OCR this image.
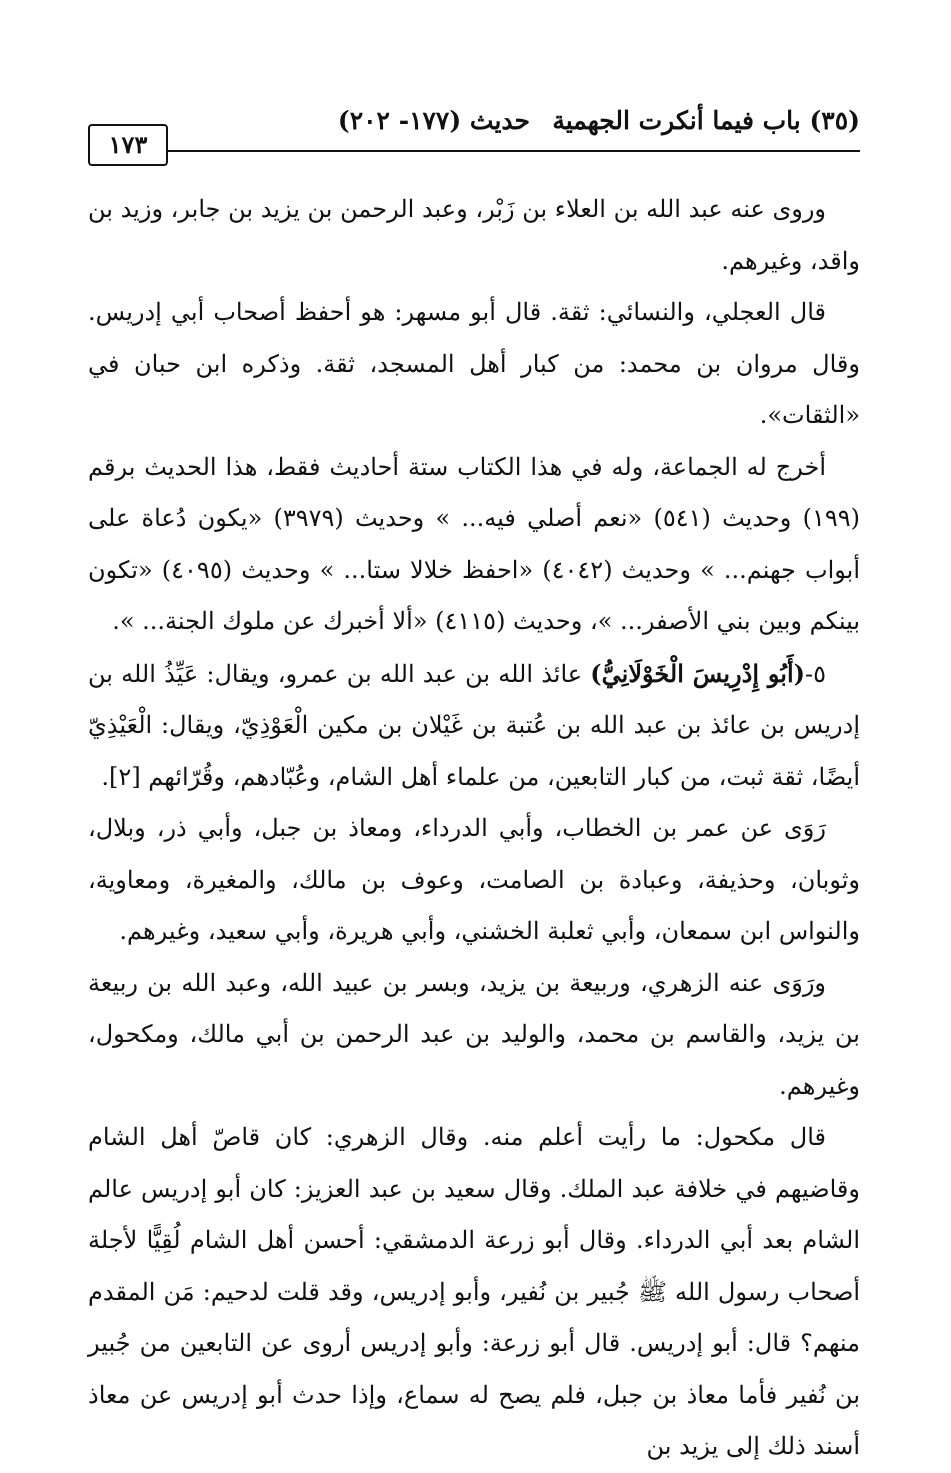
(٣٥) باب فيما أنكرت الجهمية
حديث (١٧٧- ٢٠٢)
١٧٣

وروى عنه عبد الله بن العلاء بن زَبْر، وعبد الرحمن بن يزيد بن جابر، وزيد بن واقد، وغيرهم.

قال العجلي، والنسائي: ثقة. قال أبو مسهر: هو أحفظ أصحاب أبي إدريس. وقال مروان بن محمد: من كبار أهل المسجد، ثقة. وذكره ابن حبان في «الثقات».

أخرج له الجماعة، وله في هذا الكتاب ستة أحاديث فقط، هذا الحديث برقم (١٩٩) وحديث (٥٤١) «نعم أصلي فيه... » وحديث (٣٩٧٩) «يكون دُعاة على أبواب جهنم... » وحديث (٤٠٤٢) «احفظ خلالا ستا... » وحديث (٤٠٩٥) «تكون بينكم وبين بني الأصفر... »، وحديث (٤١١٥) «ألا أخبرك عن ملوك الجنة... ».

٥-(أَبُو إِدْرِيسَ الْخَوْلَانِيُّ) عائذ الله بن عبد الله بن عمرو، ويقال: عَيِّذُ الله بن إدريس بن عائذ بن عبد الله بن عُتبة بن غَيْلان بن مكين الْعَوْذِيّ، ويقال: الْعَيْذِيّ أيضًا، ثقة ثبت، من كبار التابعين، من علماء أهل الشام، وعُبّادهم، وقُرّائهم [٢].

رَوَى عن عمر بن الخطاب، وأبي الدرداء، ومعاذ بن جبل، وأبي ذر، وبلال، وثوبان، وحذيفة، وعبادة بن الصامت، وعوف بن مالك، والمغيرة، ومعاوية، والنواس ابن سمعان، وأبي ثعلبة الخشني، وأبي هريرة، وأبي سعيد، وغيرهم.

ورَوَى عنه الزهري، وربيعة بن يزيد، وبسر بن عبيد الله، وعبد الله بن ربيعة بن يزيد، والقاسم بن محمد، والوليد بن عبد الرحمن بن أبي مالك، ومكحول، وغيرهم.

قال مكحول: ما رأيت أعلم منه. وقال الزهري: كان قاصّ أهل الشام وقاضيهم في خلافة عبد الملك. وقال سعيد بن عبد العزيز: كان أبو إدريس عالم الشام بعد أبي الدرداء. وقال أبو زرعة الدمشقي: أحسن أهل الشام لُقِيًّا لأجلة أصحاب رسول الله ﷺ جُبير بن نُفير، وأبو إدريس، وقد قلت لدحيم: مَن المقدم منهم؟ قال: أبو إدريس. قال أبو زرعة: وأبو إدريس أروى عن التابعين من جُبير بن نُفير فأما معاذ بن جبل، فلم يصح له سماع، وإذا حدث أبو إدريس عن معاذ أسند ذلك إلى يزيد بن
